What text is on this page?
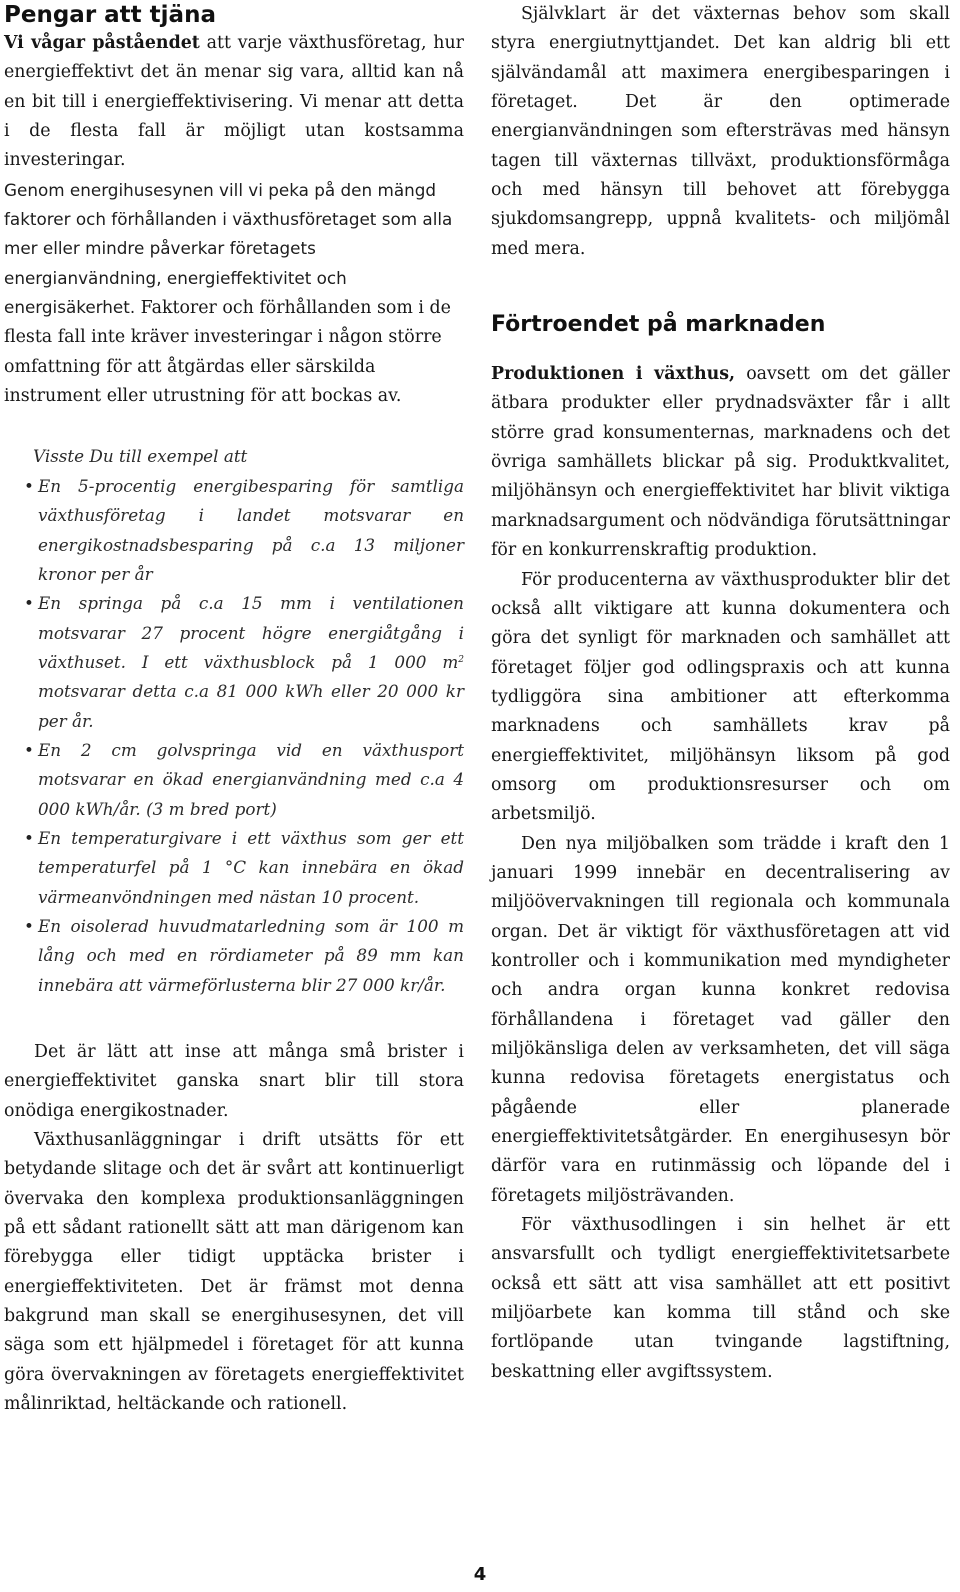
Pengar att tjäna

Vi vågar påståendet att varje växthusföretag, hur energieffektivt det än menar sig vara, alltid kan nå en bit till i energieffektivisering. Vi menar att detta i de flesta fall är möjligt utan kostsamma investeringar.

Genom energihusesynen vill vi peka på den mängd faktorer och förhållanden i växthusföretaget som alla mer eller mindre påverkar företagets energianvändning, energieffektivitet och energisäkerhet.

Faktorer och förhållanden som i de flesta fall inte kräver investeringar i någon större omfattning för att åtgärdas eller särskilda instrument eller utrustning för att bockas av.

Visste Du till exempel att

• En 5-procentig energibesparing för samtliga växthusföretag i landet motsvarar en energikostnadsbesparing på c.a 13 miljoner kronor per år
• En springa på c.a 15 mm i ventilationen motsvarar 27 procent högre energiåtgång i växthuset. I ett växthusblock på 1 000 $m^2$ motsvarar detta c.a 81 000 kWh eller 20 000 kr per år.
• En 2 cm golvspringa vid en växthusport motsvarar en ökad energianvändning med c.a 4 000 kWh/år. (3 m bred port)
• En temperaturgivare i ett växthus som ger ett temperaturfel på 1 °C kan innebära en ökad värmeanvöndningen med nästan 10 procent.
• En oisolerad huvudmatarledning som är 100 m lång och med en rördiameter på 89 mm kan innebära att värmeförlusterna blir 27 000 kr/år.

Det är lätt att inse att många små brister i energieffektivitet ganska snart blir till stora onödiga energikostnader.

Växthusanläggningar i drift utsätts för ett betydande slitage och det är svårt att kontinuerligt övervaka den komplexa produktionsanläggningen på ett sådant rationellt sätt att man därigenom kan förebygga eller tidigt upptäcka brister i energieffektiviteten. Det är främst mot denna bakgrund man skall se energihusesynen, det vill säga som ett hjälpmedel i företaget för att kunna göra övervakningen av företagets energieffektivitet målinriktad, heltäckande och rationell.

Självklart är det växternas behov som skall styra energiutnyttjandet. Det kan aldrig bli ett självändamål att maximera energibesparingen i företaget. Det är den optimerade energianvändningen som eftersträvas med hänsyn tagen till växternas tillväxt, produktionsförmåga och med hänsyn till behovet att förebygga sjukdomsangrepp, uppnå kvalitets- och miljömål med mera.

Förtroendet på marknaden

Produktionen i växthus, oavsett om det gäller ätbara produkter eller prydnadsväxter får i allt större grad konsumenternas, marknadens och det övriga samhällets blickar på sig. Produktkvalitet, miljöhänsyn och energieffektivitet har blivit viktiga marknadsargument och nödvändiga förutsättningar för en konkurrenskraftig produktion.

För producenterna av växthusprodukter blir det också allt viktigare att kunna dokumentera och göra det synligt för marknaden och samhället att företaget följer god odlingspraxis och att kunna tydliggöra sina ambitioner att efterkomma marknadens och samhällets krav på energieffektivitet, miljöhänsyn liksom på god omsorg om produktionsresurser och om arbetsmiljö.

Den nya miljöbalken som trädde i kraft den 1 januari 1999 innebär en decentralisering av miljöövervakningen till regionala och kommunala organ. Det är viktigt för växthusföretagen att vid kontroller och i kommunikation med myndigheter och andra organ kunna konkret redovisa förhållandena i företaget vad gäller den miljökänsliga delen av verksamheten, det vill säga kunna redovisa företagets energistatus och pågående eller planerade energieffektivitetsåtgärder. En energihusesyn bör därför vara en rutinmässig och löpande del i företagets miljösträvanden.

För växthusodlingen i sin helhet är ett ansvarsfullt och tydligt energieffektivitetsarbete också ett sätt att visa samhället att ett positivt miljöarbete kan komma till stånd och ske fortlöpande utan tvingande lagstiftning, beskattning eller avgiftssystem.

4
